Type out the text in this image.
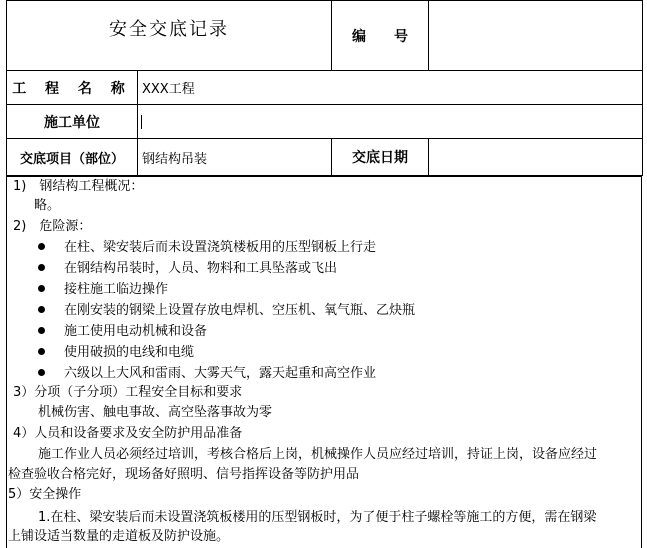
安全交底记录		编　　号	
工 程 名 称	XXX工程		
施工单位			
交底项目（部位）	钢结构吊装	交底日期	
1)　钢结构工程概况：
略。
2)　危险源：
在柱、梁安装后而未设置浇筑楼板用的压型钢板上行走
在钢结构吊装时，人员、物料和工具坠落或飞出
接柱施工临边操作
在刚安装的钢梁上设置存放电焊机、空压机、氧气瓶、乙炔瓶
施工使用电动机械和设备
使用破损的电线和电缆
六级以上大风和雷雨、大雾天气，露天起重和高空作业
3）分项（子分项）工程安全目标和要求
机械伤害、触电事故、高空坠落事故为零
4）人员和设备要求及安全防护用品准备
施工作业人员必须经过培训，考核合格后上岗，机械操作人员应经过培训，持证上岗，设备应经过
检查验收合格完好，现场备好照明、信号指挥设备等防护用品
5）安全操作
1.在柱、梁安装后而未设置浇筑板楼用的压型钢板时，为了便于柱子螺栓等施工的方便，需在钢梁
上铺设适当数量的走道板及防护设施。
